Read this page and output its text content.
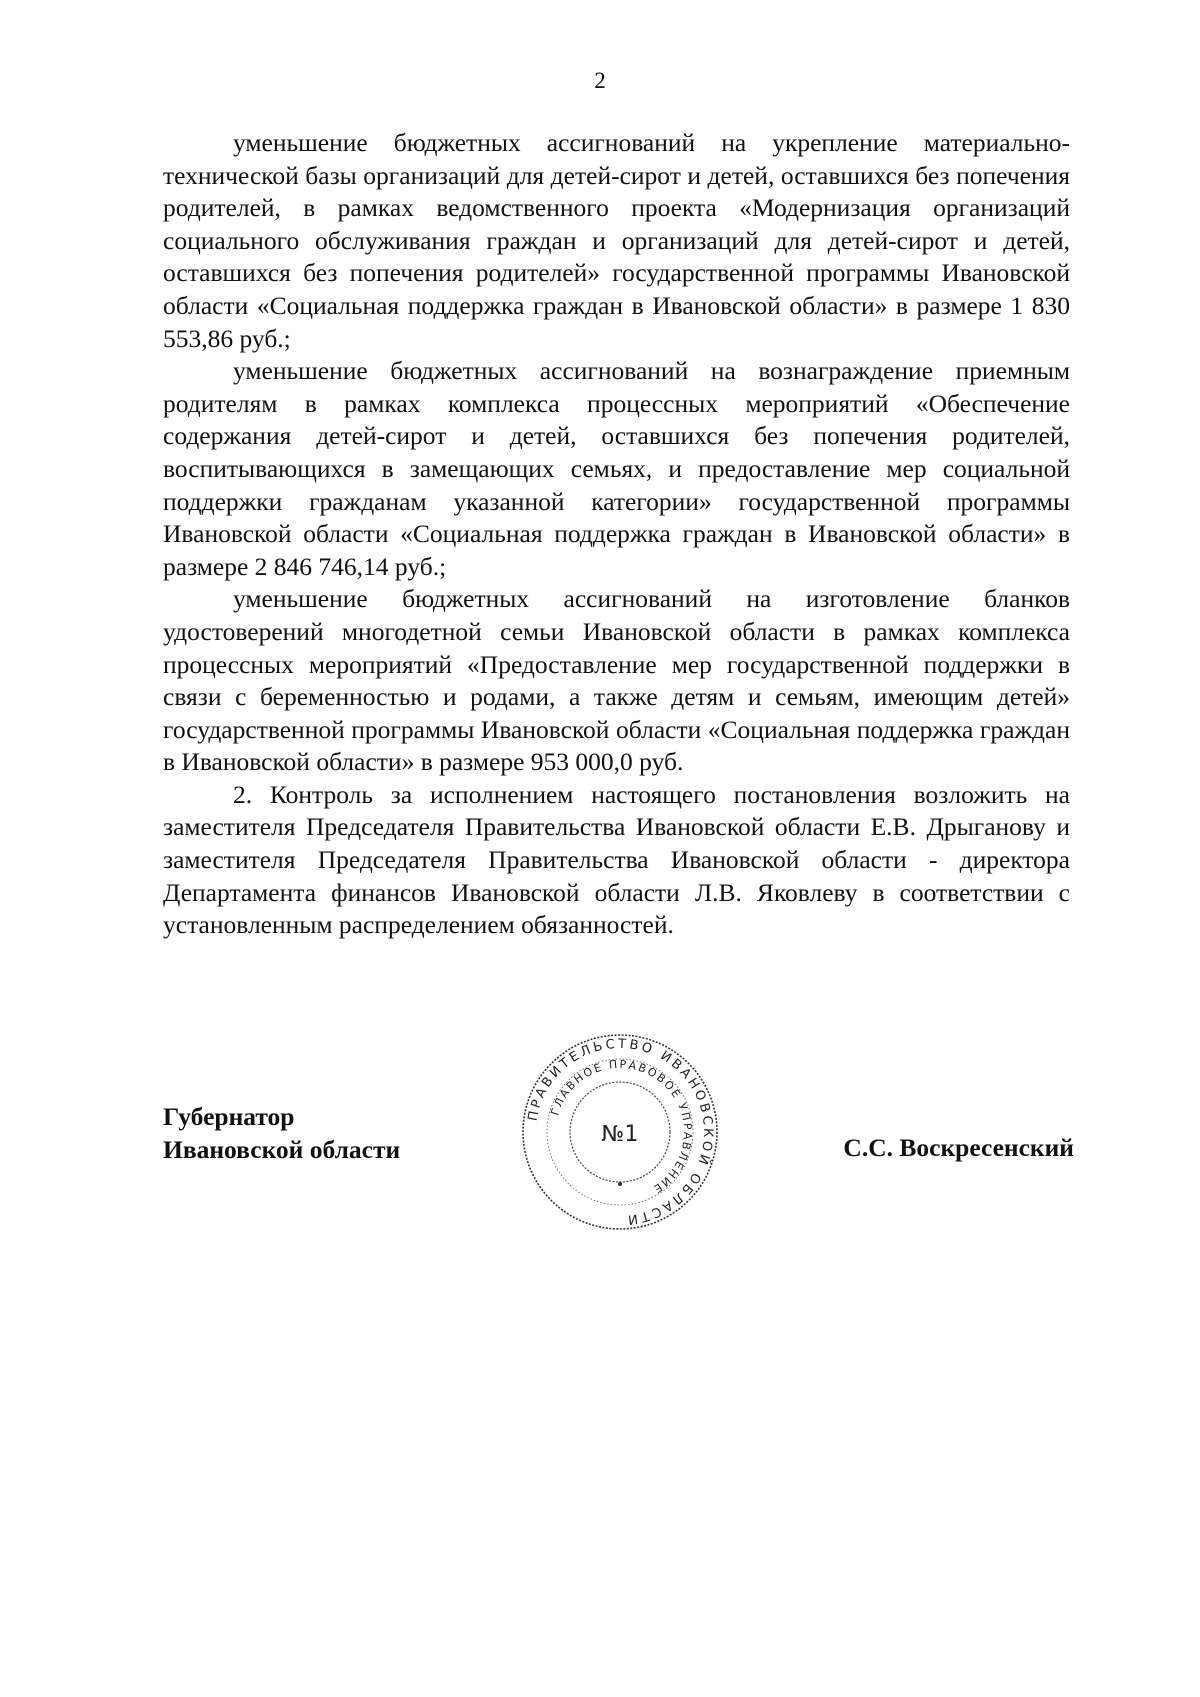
2

уменьшение бюджетных ассигнований на укрепление материально-технической базы организаций для детей-сирот и детей, оставшихся без попечения родителей, в рамках ведомственного проекта «Модернизация организаций социального обслуживания граждан и организаций для детей-сирот и детей, оставшихся без попечения родителей» государственной программы Ивановской области «Социальная поддержка граждан в Ивановской области» в размере 1 830 553,86 руб.;

уменьшение бюджетных ассигнований на вознаграждение приемным родителям в рамках комплекса процессных мероприятий «Обеспечение содержания детей-сирот и детей, оставшихся без попечения родителей, воспитывающихся в замещающих семьях, и предоставление мер социальной поддержки гражданам указанной категории» государственной программы Ивановской области «Социальная поддержка граждан в Ивановской области» в размере 2 846 746,14 руб.;

уменьшение бюджетных ассигнований на изготовление бланков удостоверений многодетной семьи Ивановской области в рамках комплекса процессных мероприятий «Предоставление мер государственной поддержки в связи с беременностью и родами, а также детям и семьям, имеющим детей» государственной программы Ивановской области «Социальная поддержка граждан в Ивановской области» в размере 953 000,0 руб.

2. Контроль за исполнением настоящего постановления возложить на заместителя Председателя Правительства Ивановской области Е.В. Дрыганову и заместителя Председателя Правительства Ивановской области - директора Департамента финансов Ивановской области Л.В. Яковлеву в соответствии с установленным распределением обязанностей.

Губернатор
Ивановской области	С.С. Воскресенский
ПРАВИТЕЛЬСТВО ИВАНОВСКОЙ ОБЛАСТИ
ГЛАВНОЕ ПРАВОВОЕ УПРАВЛЕНИЕ
№1
